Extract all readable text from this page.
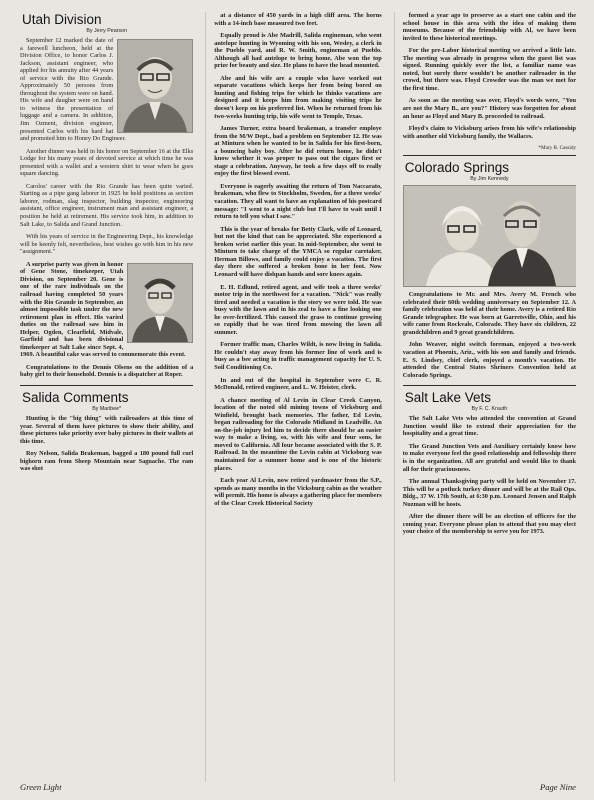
Utah Division
By Jerry Pearson

September 12 marked the date of a farewell luncheon, held at the Division Office, to honor Carlos J. Jackson, assistant engineer, who applied for his annuity after 44 years of service with the Rio Grande. Approximately 50 persons from throughout the system were on hand. His wife and daugher were on hand to witness the presentation of luggage and a camera. In addition, Jim Ozment, division engineer, presented Carlos with his hard hat and promoted him to Honey Do Engineer.

Another dinner was held in his honor on September 16 at the Elks Lodge for his many years of devoted service at which time he was presented with a wallet and a western shirt to wear when he goes square dancing.

Carolos' career with the Rio Grande has been quite varied. Starting as a pipe gang laborer in 1925 he held positions as section laborer, rodman, slag inspector, building inspector, engineering assistant, office engineer, instrument man and assistant engineer, a position he held at retirement. His service took him, in addition to Salt Lake, to Salida and Grand Junction.

With his years of service in the Engineering Dept., his knowledge will be keenly felt, nevertheless, best wishes go with him in his new "assignment."

A surprise party was given in honor of Gene Stone, timekeeper, Utah Division, on September 20. Gene is one of the rare individuals on the railroad having completed 50 years with the Rio Grande in September, an almost impossible task under the new retirement plan in effect. His varied duties on the railroad saw him in Helper, Ogden, Clearfield, Midvale, Garfield and has been divisional timekeeper at Salt Lake since Sept. 4, 1969. A beautiful cake was served to commemorate this event.

Congratulations to the Dennis Olsens on the addition of a baby girl to their household. Dennis is a dispatcher at Roper.

Salida Comments
By Maribee*

Hunting is the "big thing" with railroaders at this time of year. Several of them have pictures to show their ability, and these pictures take priority over baby pictures in their wallets at this time.

Roy Nelson, Salida Brakeman, bagged a 180 pound full curl bighorn ram from Sheep Mountain near Saguache. The ram was shot

at a distance of 450 yards in a high cliff area. The horns with a 14-inch base measured two feet.

Equally proud is Abe Madrill, Salida engineman, who went antelope hunting in Wyoming with his son, Wesley, a clerk in the Pueblo yard, and R. W. Smith, engineman at Pueblo. Although all had antelope to bring home, Abe won the top prize for beauty and size. He plans to have the head mounted.

Abe and his wife are a couple who have worked out separate vacations which keeps her from being bored on hunting and fishing trips for which he thinks vacations are designed and it keeps him from making visiting trips he doesn't keep on his preferred list. When he returned from his two-weeks hunting trip, his wife went to Temple, Texas.

James Turner, extra board brakeman, a transfer employe from the M/W Dept., had a problem on September 12. He was at Minturn when he wanted to be in Salida for his first-born, a bouncing baby boy. After he did return home, he didn't know whether it was proper to pass out the cigars first or stage a celebration. Anyway, he took a few days off to really enjoy the first blessed event.

Everyone is eagerly awaiting the return of Tom Naccarato, brakeman, who flew to Stockholm, Sweden, for a three weeks' vacation. They all want to have an explanation of his postcard message: "I went to a night club but I'll have to wait until I return to tell you what I saw."

This is the year of breaks for Betty Clark, wife of Leonard, but not the kind that can be appreciated. She experienced a broken wrist earlier this year. In mid-September, she went to Minturn to take charge of the YMCA so regular caretaker, Herman Billows, and family could enjoy a vacation. The first day there she suffered a broken bone in her foot. Now Leonard will have dishpan hands and sore knees again.

E. H. Edlund, retired agent, and wife took a three weeks' motor trip in the northwest for a vacation. "Nick" was really tired and needed a vacation is the story we were told. He was busy with the lawn and in his zeal to have a fine looking one he over-fertilized. This caused the grass to continue growing so rapidly that he was tired from mowing the lawn all summer.

Former traffic man, Charles Wildt, is now living in Salida. He couldn't stay away from his former line of work and is busy as a bee acting in traffic management capacity for U. S. Soil Conditioning Co.

In and out of the hospital in September were C. R. McDonald, retired engineer, and L. W. Heister, clerk.

A chance meeting of Al Levin in Clear Creek Canyon, location of the noted old mining towns of Vicksburg and Winfield, brought back memories. The father, Ed Levin, began railroading for the Colorado Midland in Leadville. An on-the-job injury led him to decide there should be an easier way to make a living, so, with his wife and four sons, he moved to California. All four became associated with the S. P. Railroad. In the meantime the Levin cabin at Vicksburg was maintained for a summer home and is one of the historic places.

Each year Al Levin, now retired yardmaster from the S.P., spends as many months in the Vicksburg cabin as the weather will permit. His home is always a gathering place for members of the Clear Creek Historical Society

formed a year ago to preserve as a start one cabin and the school house in this area with the idea of making them museums. Because of the friendship with Al, we have been invited to these historical meetings.

For the pre-Labor historical meeting we arrived a little late. The meeting was already in progress when the guest list was signed. Running quickly over the list, a familiar name was noted, but surely there wouldn't be another railroader in the crowd, but there was. Floyd Crowder was the man we met for the first time.

As soon as the meeting was over, Floyd's words were, "You are not the Mary B., are you?" History was forgotten for about an hour as Floyd and Mary B. proceeded to railroad.

Floyd's claim to Vicksburg arises from his wife's relationship with another old Vicksburg family, the Wallaces.

*Mary B. Cassidy
Colorado Springs
By Jim Kennedy

Congratulations to Mr. and Mrs. Avery M. French who celebrated their 60th wedding anniversary on September 12. A family celebration was held at their home. Avery is a retired Rio Grande telegrapher. He was born at Garretsville, Ohio, and his wife came from Rockvale, Colorado. They have six children, 22 grandchildren and 9 great grandchildren.

John Weaver, night switch foreman, enjoyed a two-week vacation at Phoenix, Ariz., with his son and family and friends. E. S. Lindsey, chief clerk, enjoyed a month's vacation. He attended the Central States Shriners Convention held at Colorado Springs.

Salt Lake Vets
By F. C. Krauth

The Salt Lake Vets who attended the convention at Grand Junction would like to extend their appreciation for the hospitality and a great time.

The Grand Junction Vets and Auxiliary certainly know how to make everyone feel the good relationship and fellowship there is in the organization. All are grateful and would like to thank all for their graciousness.

The annual Thanksgiving party will be held on November 17. This will be a potluck turkey dinner and will be at the Rail Ops. Bldg., 37 W. 17th South, at 6:30 p.m. Leonard Jensen and Ralph Nuzman will be hosts.

After the dinner there will be an election of officers for the coming year. Everyone please plan to attend that you may elect your choice of the membership to serve you for 1973.

Green Light	Page Nine
